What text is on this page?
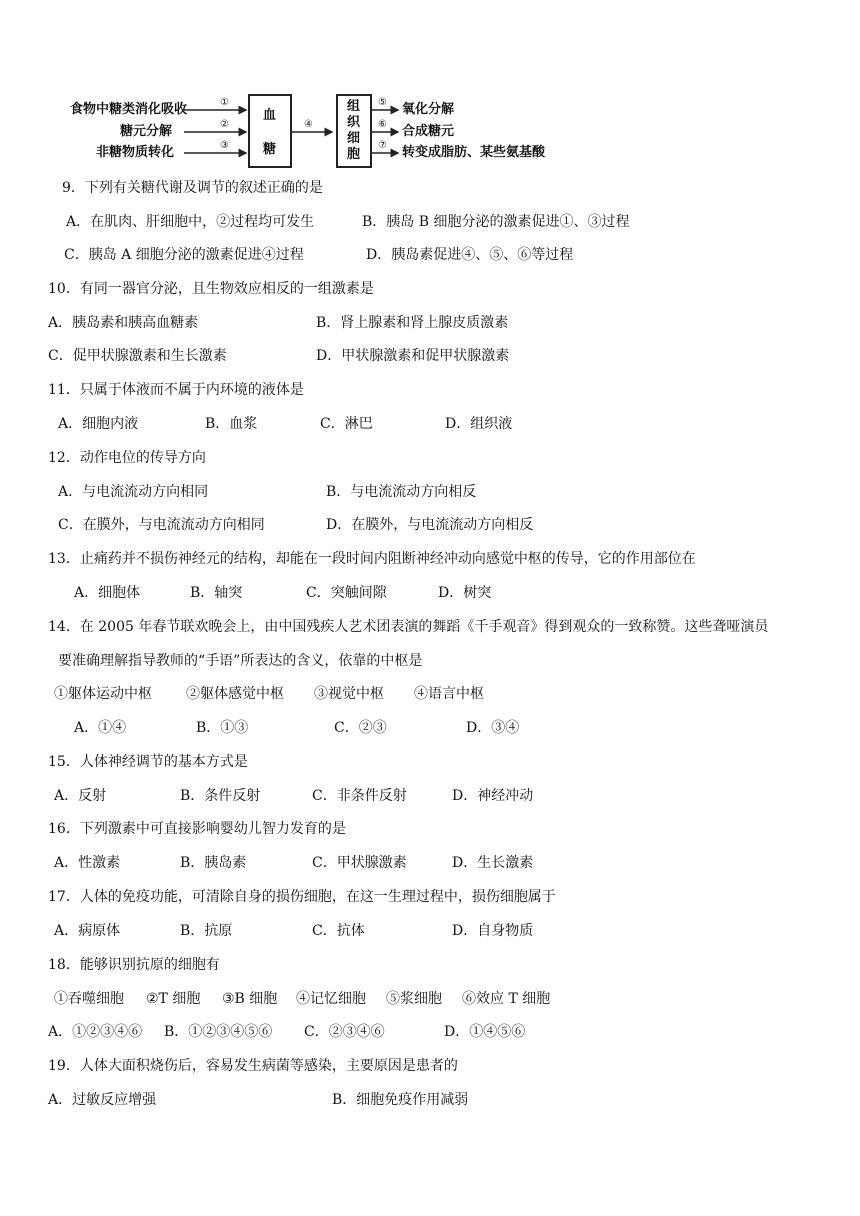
食物中糖类消化吸收	①
糖元分解	②
非糖物质转化	③
血
糖
④
组
织
细
胞
⑤ 氧化分解
⑥ 合成糖元
⑦ 转变成脂肪、某些氨基酸
9．下列有关糖代谢及调节的叙述正确的是
A．在肌肉、肝细胞中，②过程均可发生	B．胰岛 B 细胞分泌的激素促进①、③过程
C．胰岛 A 细胞分泌的激素促进④过程	D．胰岛素促进④、⑤、⑥等过程
10．有同一器官分泌，且生物效应相反的一组激素是
A．胰岛素和胰高血糖素	B．肾上腺素和肾上腺皮质激素
C．促甲状腺激素和生长激素	D．甲状腺激素和促甲状腺激素
11．只属于体液而不属于内环境的液体是
A．细胞内液	B．血浆	C．淋巴	D．组织液
12．动作电位的传导方向
A．与电流流动方向相同	B．与电流流动方向相反
C．在膜外，与电流流动方向相同	D．在膜外，与电流流动方向相反
13．止痛药并不损伤神经元的结构，却能在一段时间内阻断神经冲动向感觉中枢的传导，它的作用部位在
A．细胞体	B．轴突	C．突触间隙	D．树突
14．在 2005 年春节联欢晚会上，由中国残疾人艺术团表演的舞蹈《千手观音》得到观众的一致称赞。这些聋哑演员
要准确理解指导教师的“手语”所表达的含义，依靠的中枢是
①躯体运动中枢 ②躯体感觉中枢 ③视觉中枢 ④语言中枢
A．①④	B．①③	C．②③	D．③④
15．人体神经调节的基本方式是
A．反射	B．条件反射	C．非条件反射	D．神经冲动
16．下列激素中可直接影响婴幼儿智力发育的是
A．性激素	B．胰岛素	C．甲状腺激素	D．生长激素
17．人体的免疫功能，可清除自身的损伤细胞，在这一生理过程中，损伤细胞属于
A．病原体	B．抗原	C．抗体	D．自身物质
18．能够识别抗原的细胞有
①吞噬细胞 ②T 细胞 ③B 细胞 ④记忆细胞 ⑤浆细胞 ⑥效应 T 细胞
A．①②③④⑥ B．①②③④⑤⑥ C．②③④⑥	D．①④⑤⑥
19．人体大面积烧伤后，容易发生病菌等感染，主要原因是患者的
A．过敏反应增强	B．细胞免疫作用减弱
